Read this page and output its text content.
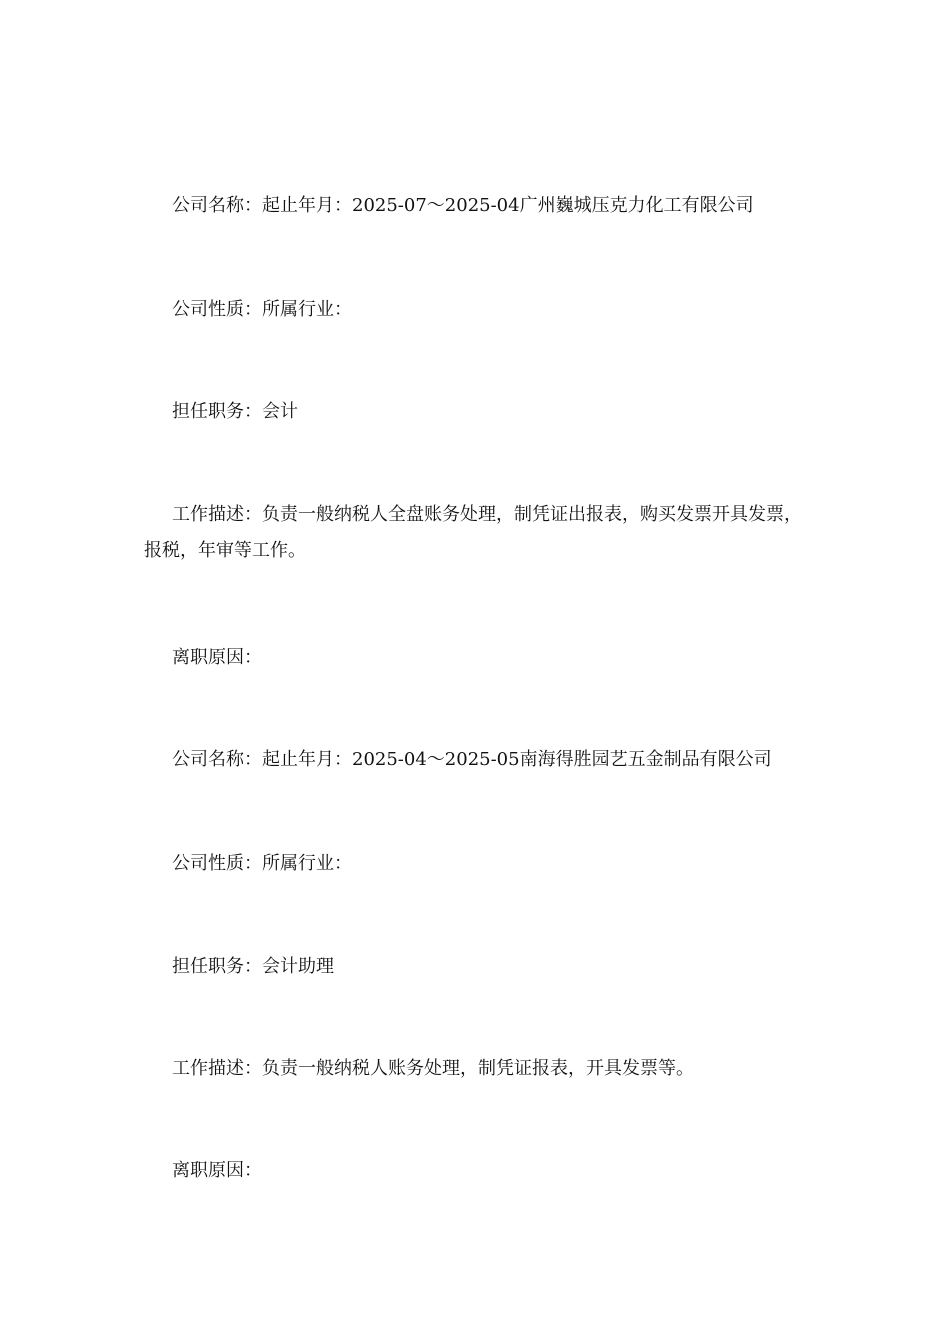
公司名称：起止年月：2025-07～2025-04广州巍城压克力化工有限公司

公司性质：所属行业：

担任职务：会计

工作描述：负责一般纳税人全盘账务处理，制凭证出报表，购买发票开具发票，报税，年审等工作。

离职原因：

公司名称：起止年月：2025-04～2025-05南海得胜园艺五金制品有限公司

公司性质：所属行业：

担任职务：会计助理

工作描述：负责一般纳税人账务处理，制凭证报表，开具发票等。

离职原因：
